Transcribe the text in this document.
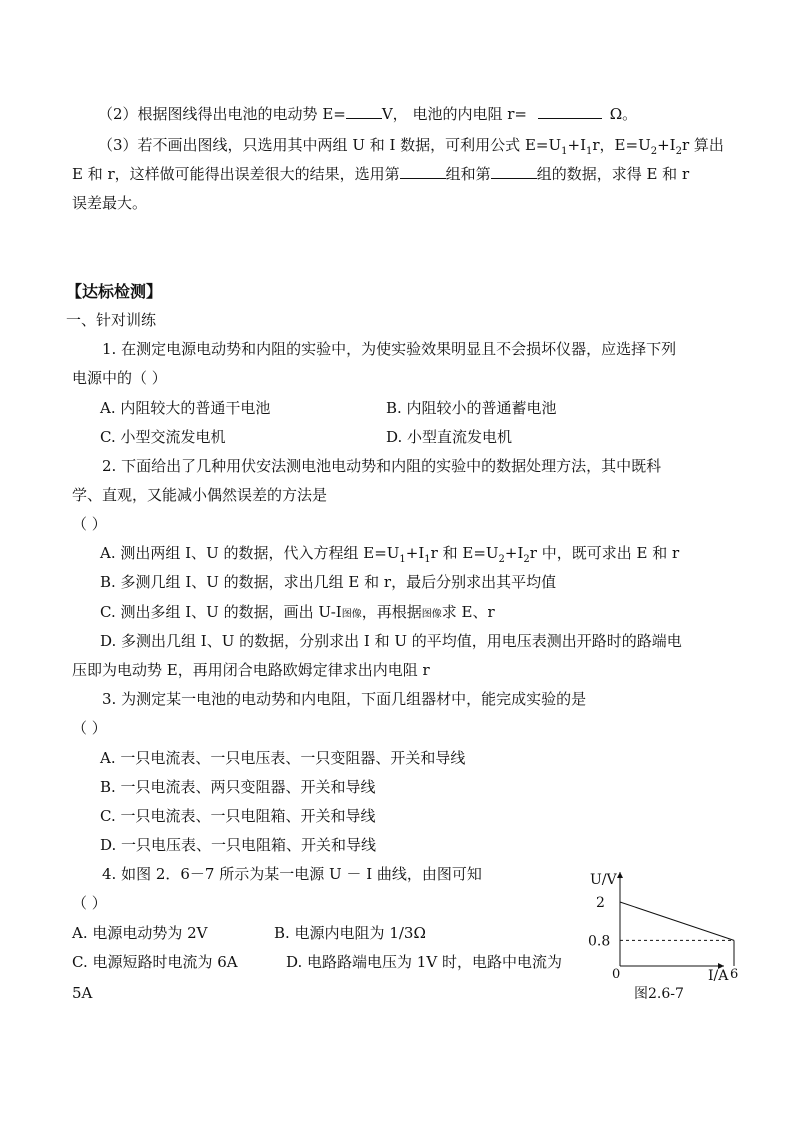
（2）根据图线得出电池的电动势 E= V， 电池的内电阻 r=	Ω。
（3）若不画出图线，只选用其中两组 U 和 I 数据，可利用公式 $E=U_1+I_1r$，$E=U_2+I_2r$ 算出
E 和 r，这样做可能得出误差很大的结果，选用第	组和第	组的数据，求得 E 和 r
误差最大。
【达标检测】
一、针对训练
1. 在测定电源电动势和内阻的实验中，为使实验效果明显且不会损坏仪器，应选择下列
电源中的（ ）
A. 内阻较大的普通干电池	B. 内阻较小的普通蓄电池
C. 小型交流发电机	D. 小型直流发电机
2. 下面给出了几种用伏安法测电池电动势和内阻的实验中的数据处理方法，其中既科
学、直观，又能减小偶然误差的方法是
（ ）
A. 测出两组 I、U 的数据，代入方程组 $E=U_1+I_1r$ 和 $E=U_2+I_2r$ 中，既可求出 E 和 r
B. 多测几组 I、U 的数据，求出几组 E 和 r，最后分别求出其平均值
C. 测出多组 I、U 的数据，画出 U-I图像，再根据图像求 E、r
D. 多测出几组 I、U 的数据，分别求出 I 和 U 的平均值，用电压表测出开路时的路端电
压即为电动势 E，再用闭合电路欧姆定律求出内电阻 r
3. 为测定某一电池的电动势和内电阻，下面几组器材中，能完成实验的是
（ ）
A. 一只电流表、一只电压表、一只变阻器、开关和导线
B. 一只电流表、两只变阻器、开关和导线
C. 一只电流表、一只电阻箱、开关和导线
D. 一只电压表、一只电阻箱、开关和导线
4. 如图 2．6－7 所示为某一电源 U － I 曲线，由图可知
（ ）
A. 电源电动势为 2V	B. 电源内电阻为 1/3Ω
C. 电源短路时电流为 6A	D. 电路路端电压为 1V 时，电路中电流为
5A
U/V
2
0.8
0	6
I/A
图2.6-7
